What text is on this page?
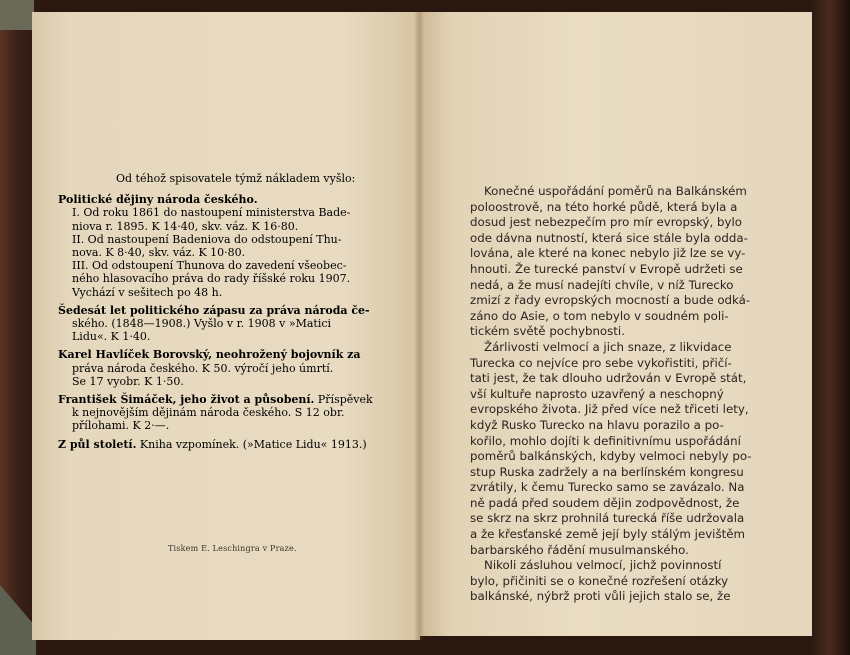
Od téhož spisovatele týmž nákladem vyšlo:
Politické dějiny národa českého.
I. Od roku 1861 do nastoupení ministerstva Bade-
niova r. 1895. K 14·40, skv. váz. K 16·80.
II. Od nastoupení Badeniova do odstoupení Thu-
nova. K 8·40, skv. váz. K 10·80.
III. Od odstoupení Thunova do zavedení všeobec-
ného hlasovacího práva do rady říšské roku 1907.
Vychází v sešitech po 48 h.
Šedesát let politického zápasu za práva národa če-
ského. (1848—1908.) Vyšlo v r. 1908 v »Matici
Lidu«. K 1·40.
Karel Havlíček Borovský, neohrožený bojovník za
práva národa českého. K 50. výročí jeho úmrtí.
Se 17 vyobr. K 1·50.
František Šimáček, jeho život a působení. Příspěvek
k nejnovějším dějinám národa českého. S 12 obr.
přílohami. K 2·—.
Z půl století. Kniha vzpomínek. (»Matice Lidu« 1913.)
Tiskem E. Leschingra v Praze.
Konečné uspořádání poměrů na Balkánském
poloostrově, na této horké půdě, která byla a
dosud jest nebezpečím pro mír evropský, bylo
ode dávna nutností, která sice stále byla odda-
lována, ale které na konec nebylo již lze se vy-
hnouti. Že turecké panství v Evropě udržeti se
nedá, a že musí nadejíti chvíle, v níž Turecko
zmizí z řady evropských mocností a bude odká-
záno do Asie, o tom nebylo v soudném poli-
tickém světě pochybnosti.
Žárlivosti velmocí a jich snaze, z likvidace
Turecka co nejvíce pro sebe vykořistiti, přičí-
tati jest, že tak dlouho udržován v Evropě stát,
vší kultuře naprosto uzavřený a neschopný
evropského života. Již před více než třiceti lety,
když Rusko Turecko na hlavu porazilo a po-
kořilo, mohlo dojíti k definitivnímu uspořádání
poměrů balkánských, kdyby velmoci nebyly po-
stup Ruska zadržely a na berlínském kongresu
zvrátily, k čemu Turecko samo se zavázalo. Na
ně padá před soudem dějin zodpovědnost, že
se skrz na skrz prohnilá turecká říše udržovala
a že křesťanské země její byly stálým jevištěm
barbarského řádění musulmanského.
Nikoli zásluhou velmocí, jichž povinností
bylo, přičiniti se o konečné rozřešení otázky
balkánské, nýbrž proti vůli jejich stalo se, že
